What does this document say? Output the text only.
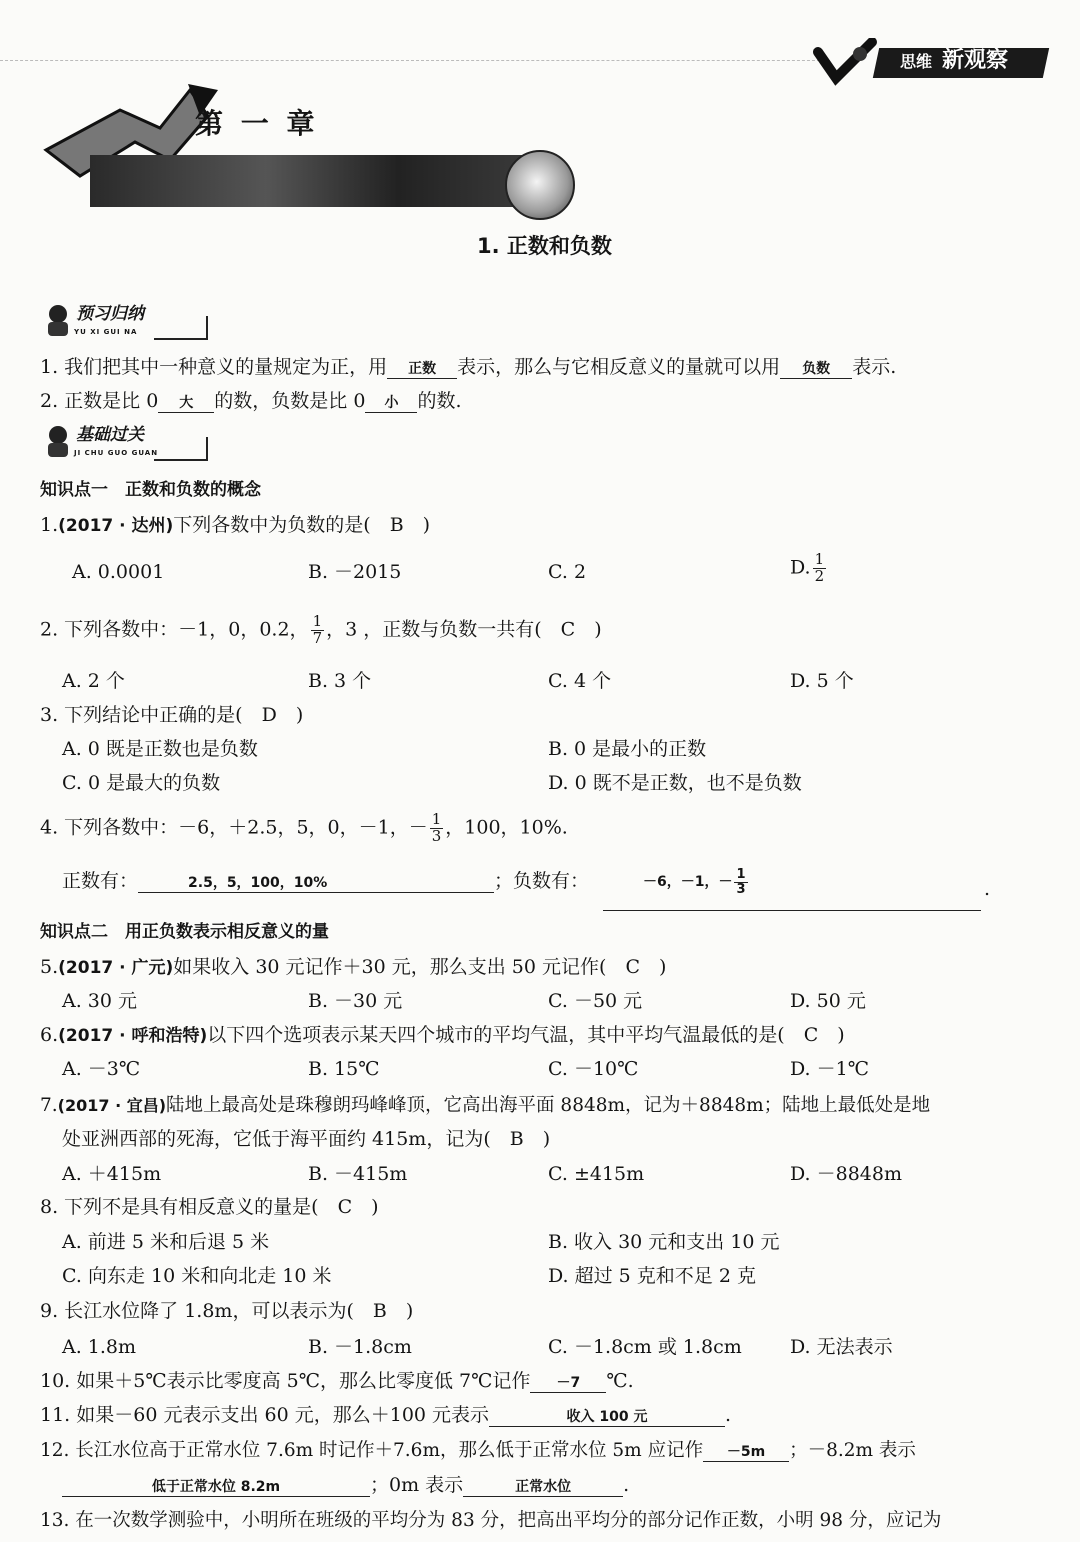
思维 新观察
第 一 章
1. 正数和负数
预习归纳
YU XI GUI NA
1. 我们把其中一种意义的量规定为正，用 正数 表示，那么与它相反意义的量就可以用 负数 表示.
2. 正数是比 0 大 的数，负数是比 0 小 的数.
基础过关
JI CHU GUO GUAN
知识点一　正数和负数的概念
1.(2017 · 达州)下列各数中为负数的是(　B　)
A. 0.0001	B. －2015	C. 2	D. $\frac{1}{2}$
2. 下列各数中：－1，0，0.2， $\frac{1}{7}$ ，3 ，正数与负数一共有(　C　)
A. 2 个	B. 3 个	C. 4 个	D. 5 个
3. 下列结论中正确的是(　D　)
A. 0 既是正数也是负数	B. 0 是最小的正数
C. 0 是最大的负数	D. 0 既不是正数，也不是负数
4. 下列各数中：－6，＋2.5，5，0，－1，－ $\frac{1}{3}$ ，100，10%.
正数有：	2.5，5，100，10%	；负数有：	－6，－1，－ $\frac{1}{3}$	.
知识点二　用正负数表示相反意义的量
5.(2017 · 广元)如果收入 30 元记作＋30 元，那么支出 50 元记作(　C　)
A. 30 元	B. －30 元	C. －50 元	D. 50 元
6.(2017 · 呼和浩特)以下四个选项表示某天四个城市的平均气温，其中平均气温最低的是(　C　)
A. －3℃	B. 15℃	C. －10℃	D. －1℃
7.(2017 · 宜昌)陆地上最高处是珠穆朗玛峰峰顶，它高出海平面 8848m，记为＋8848m；陆地上最低处是地
处亚洲西部的死海，它低于海平面约 415m，记为(　B　)
A. ＋415m	B. －415m	C. ±415m	D. －8848m
8. 下列不是具有相反意义的量是(　C　)
A. 前进 5 米和后退 5 米	B. 收入 30 元和支出 10 元
C. 向东走 10 米和向北走 10 米	D. 超过 5 克和不足 2 克
9. 长江水位降了 1.8m，可以表示为(　B　)
A. 1.8m	B. －1.8cm	C. －1.8cm 或 1.8cm	D. 无法表示
10. 如果＋5℃表示比零度高 5℃，那么比零度低 7℃记作 －7 ℃.
11. 如果－60 元表示支出 60 元，那么＋100 元表示	收入 100 元	.
12. 长江水位高于正常水位 7.6m 时记作＋7.6m，那么低于正常水位 5m 应记作 －5m ；－8.2m 表示
低于正常水位 8.2m	；0m 表示	正常水位	.
13. 在一次数学测验中，小明所在班级的平均分为 83 分，把高出平均分的部分记作正数，小明 98 分，应记为
